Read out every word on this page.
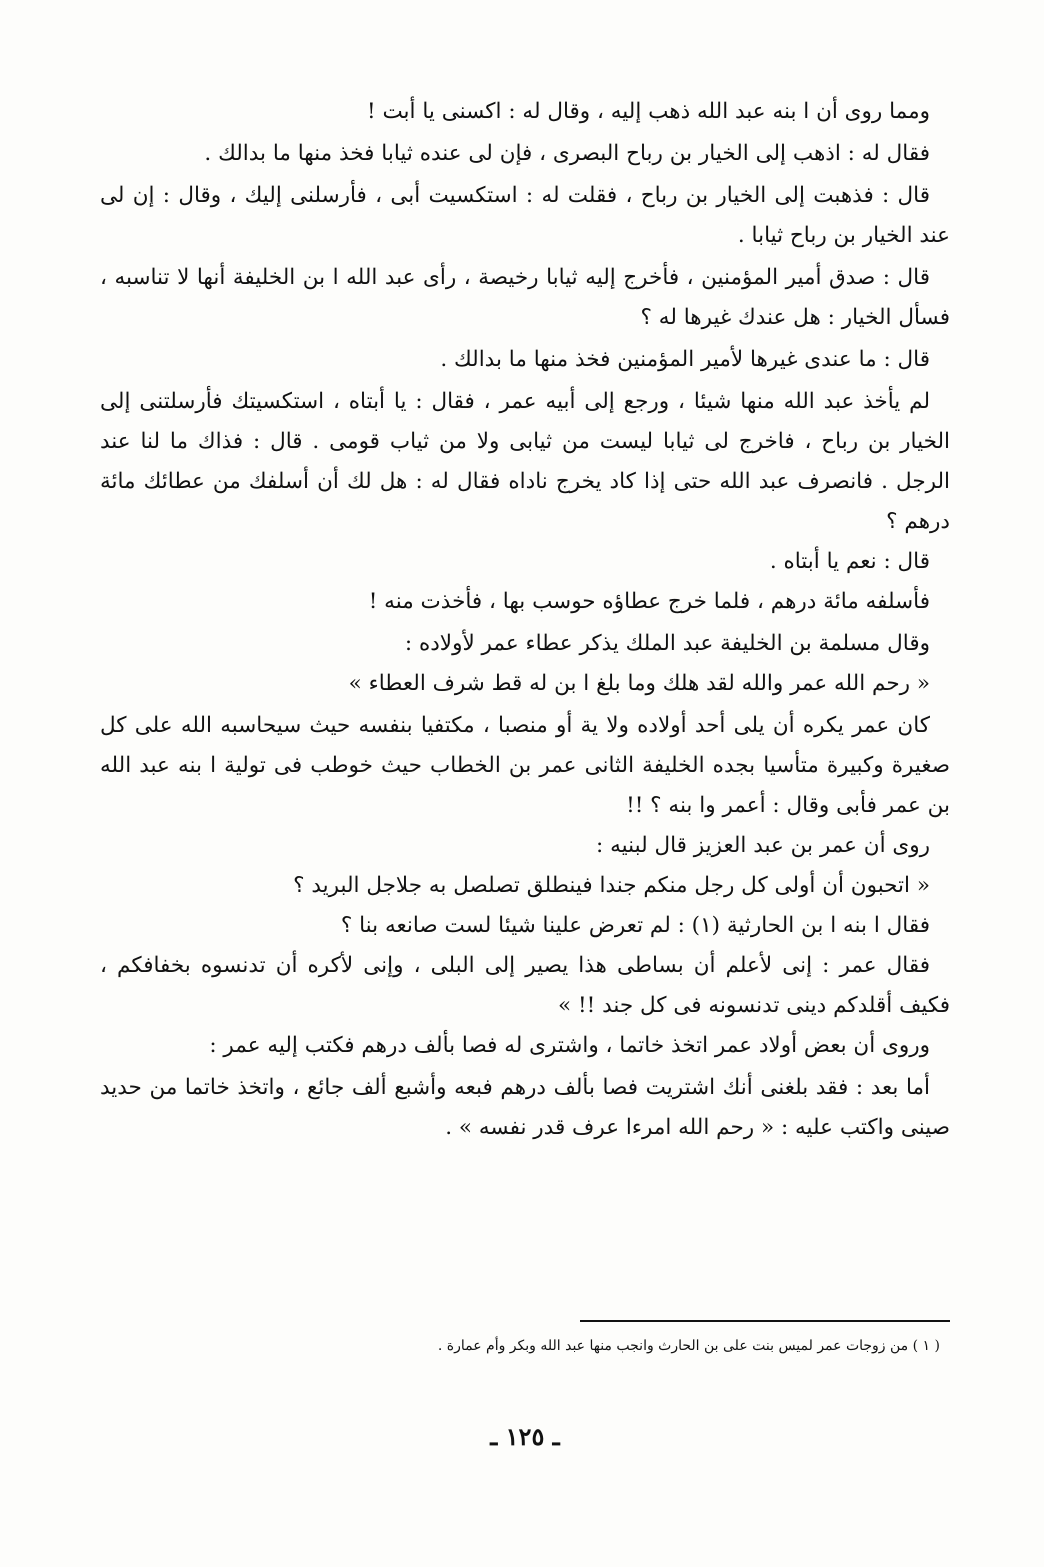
ومما روى أن ا بنه عبد الله ذهب إليه ، وقال له : اكسنى يا أبت !

فقال له : اذهب إلى الخيار بن رباح البصرى ، فإن لى عنده ثيابا فخذ منها ما بدالك .

قال : فذهبت إلى الخيار بن رباح ، فقلت له : استكسيت أبى ، فأرسلنى إليك ، وقال : إن لى عند الخيار بن رباح ثيابا .

قال : صدق أمير المؤمنين ، فأخرج إليه ثيابا رخيصة ، رأى عبد الله ا بن الخليفة أنها لا تناسبه ، فسأل الخيار : هل عندك غيرها له ؟

قال : ما عندى غيرها لأمير المؤمنين فخذ منها ما بدالك .

لم يأخذ عبد الله منها شيئا ، ورجع إلى أبيه عمر ، فقال : يا أبتاه ، استكسيتك فأرسلتنى إلى الخيار بن رباح ، فاخرج لى ثيابا ليست من ثيابى ولا من ثياب قومى . قال : فذاك ما لنا عند الرجل . فانصرف عبد الله حتى إذا كاد يخرج ناداه فقال له : هل لك أن أسلفك من عطائك مائة درهم ؟

قال : نعم يا أبتاه .

فأسلفه مائة درهم ، فلما خرج عطاؤه حوسب بها ، فأخذت منه !

وقال مسلمة بن الخليفة عبد الملك يذكر عطاء عمر لأولاده :

« رحم الله عمر والله لقد هلك وما بلغ ا بن له قط شرف العطاء »

كان عمر يكره أن يلى أحد أولاده ولا ية أو منصبا ، مكتفيا بنفسه حيث سيحاسبه الله على كل صغيرة وكبيرة متأسيا بجده الخليفة الثانى عمر بن الخطاب حيث خوطب فى تولية ا بنه عبد الله بن عمر فأبى وقال : أعمر وا بنه ؟ !!

روى أن عمر بن عبد العزيز قال لبنيه :

« اتحبون أن أولى كل رجل منكم جندا فينطلق تصلصل به جلاجل البريد ؟

فقال ا بنه ا بن الحارثية (١) : لم تعرض علينا شيئا لست صانعه بنا ؟

فقال عمر : إنى لأعلم أن بساطى هذا يصير إلى البلى ، وإنى لأكره أن تدنسوه بخفافكم ، فكيف أقلدكم دينى تدنسونه فى كل جند !! »

وروى أن بعض أولاد عمر اتخذ خاتما ، واشترى له فصا بألف درهم فكتب إليه عمر :

أما بعد : فقد بلغنى أنك اشتريت فصا بألف درهم فبعه وأشبع ألف جائع ، واتخذ خاتما من حديد صينى واكتب عليه : « رحم الله امرءا عرف قدر نفسه » .

( ١ ) من زوجات عمر لميس بنت على بن الحارث وانجب منها عبد الله وبكر وأم عمارة .
ـ ١٢٥ ـ
